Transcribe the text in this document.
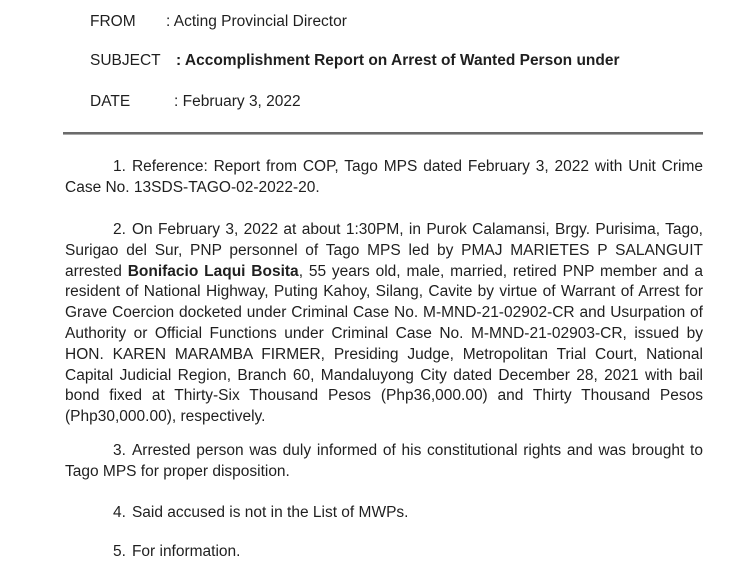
FROM : Acting Provincial Director
SUBJECT : Accomplishment Report on Arrest of Wanted Person under
DATE	: February 3, 2022
1. Reference: Report from COP, Tago MPS dated February 3, 2022 with Unit Crime Case No. 13SDS-TAGO-02-2022-20.
2. On February 3, 2022 at about 1:30PM, in Purok Calamansi, Brgy. Purisima, Tago, Surigao del Sur, PNP personnel of Tago MPS led by PMAJ MARIETES P SALANGUIT arrested Bonifacio Laqui Bosita, 55 years old, male, married, retired PNP member and a resident of National Highway, Puting Kahoy, Silang, Cavite by virtue of Warrant of Arrest for Grave Coercion docketed under Criminal Case No. M-MND-21-02902-CR and Usurpation of Authority or Official Functions under Criminal Case No. M-MND-21-02903-CR, issued by HON. KAREN MARAMBA FIRMER, Presiding Judge, Metropolitan Trial Court, National Capital Judicial Region, Branch 60, Mandaluyong City dated December 28, 2021 with bail bond fixed at Thirty-Six Thousand Pesos (Php36,000.00) and Thirty Thousand Pesos (Php30,000.00), respectively.
3. Arrested person was duly informed of his constitutional rights and was brought to Tago MPS for proper disposition.
4. Said accused is not in the List of MWPs.
5. For information.
